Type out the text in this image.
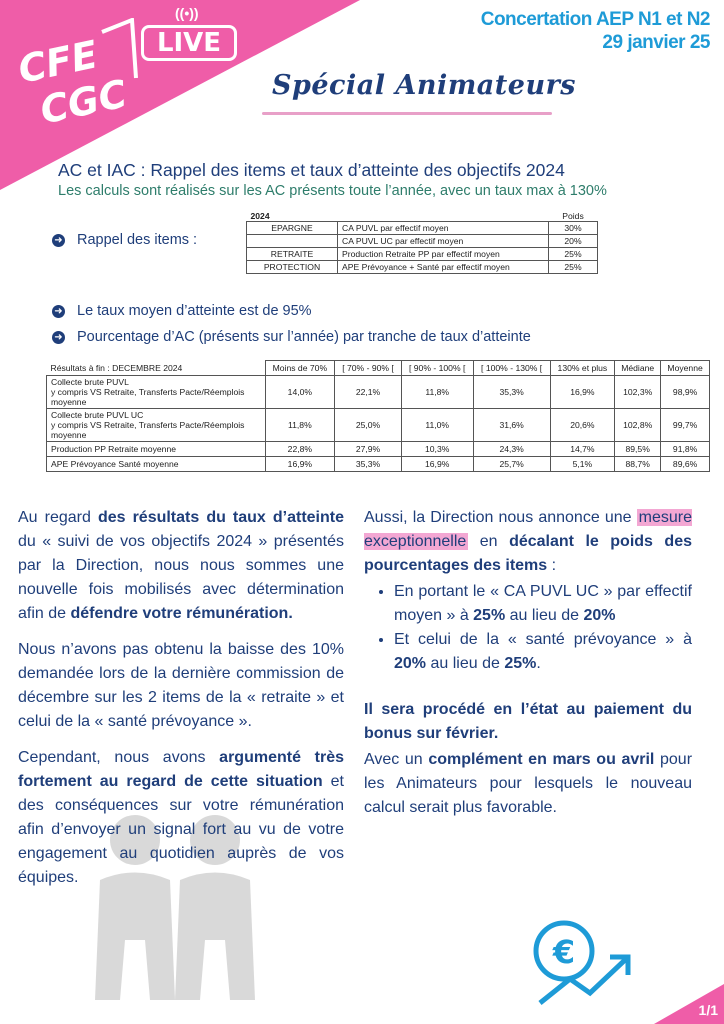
CFE
CGC
((•))
LIVE
Concertation AEP N1 et N2
29 janvier 25
Spécial Animateurs
AC et IAC : Rappel des items et taux d’atteinte des objectifs 2024
Les calculs sont réalisés sur les AC présents toute l’année, avec un taux max à 130%
➜ Rappel des items :
2024		Poids
EPARGNE	CA PUVL par effectif moyen	30%
	CA PUVL UC par effectif moyen	20%
RETRAITE	Production Retraite PP par effectif moyen	25%
PROTECTION	APE Prévoyance + Santé par effectif moyen	25%
➜ Le taux moyen d’atteinte est de 95%
➜ Pourcentage d’AC (présents sur l’année) par tranche de taux d’atteinte
Résultats à fin : DECEMBRE 2024	Moins de 70%	[ 70% - 90% [	[ 90% - 100% [	[ 100% - 130% [	130% et plus	Médiane	Moyenne
Collecte brute PUVL
y compris VS Retraite, Transferts Pacte/Réemplois moyenne	14,0%	22,1%	11,8%	35,3%	16,9%	102,3%	98,9%
Collecte brute PUVL UC
y compris VS Retraite, Transferts Pacte/Réemplois moyenne	11,8%	25,0%	11,0%	31,6%	20,6%	102,8%	99,7%
Production PP Retraite moyenne	22,8%	27,9%	10,3%	24,3%	14,7%	89,5%	91,8%
APE Prévoyance Santé moyenne	16,9%	35,3%	16,9%	25,7%	5,1%	88,7%	89,6%

Au regard des résultats du taux d’atteinte du « suivi de vos objectifs 2024 » présentés par la Direction, nous nous sommes une nouvelle fois mobilisés avec détermination afin de défendre votre rémunération.

Nous n’avons pas obtenu la baisse des 10% demandée lors de la dernière commission de décembre sur les 2 items de la « retraite » et celui de la « santé prévoyance ».

Cependant, nous avons argumenté très fortement au regard de cette situation et des conséquences sur votre rémunération afin d’envoyer un signal fort au vu de votre engagement au quotidien auprès de vos équipes.

Aussi, la Direction nous annonce une mesure exceptionnelle en décalant le poids des pourcentages des items :

• En portant le « CA PUVL UC » par effectif moyen » à 25% au lieu de 20%
• Et celui de la « santé prévoyance » à 20% au lieu de 25%.

Il sera procédé en l’état au paiement du bonus sur février.

Avec un complément en mars ou avril pour les Animateurs pour lesquels le nouveau calcul serait plus favorable.

€
1/1
